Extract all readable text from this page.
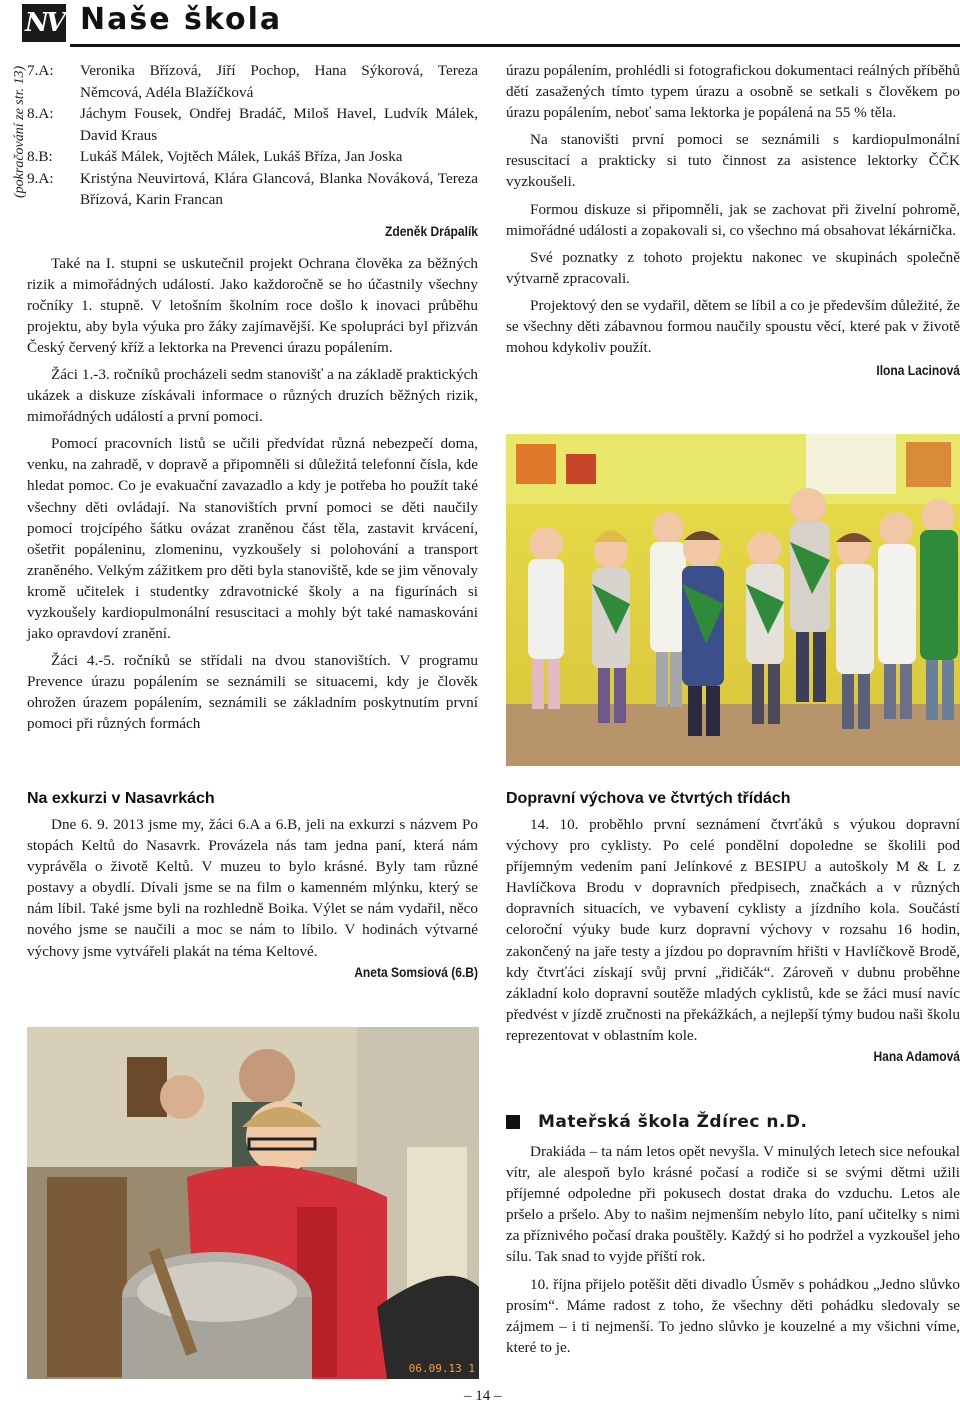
NV Naše škola
(pokračování ze str. 13) 7.A:	Veronika Břízová, Jiří Pochop, Hana Sýkorová, Tereza Němcová, Adéla Blažíčková
8.A:	Jáchym Fousek, Ondřej Bradáč, Miloš Havel, Ludvík Málek, David Kraus
8.B:	Lukáš Málek, Vojtěch Málek, Lukáš Bříza, Jan Joska
9.A:	Kristýna Neuvirtová, Klára Glancová, Blanka Nováková, Tereza Břízová, Karin Francan
Zdeněk Drápalík

Také na I. stupni se uskutečnil projekt Ochrana člověka za běžných rizik a mimořádných událostí. Jako každoročně se ho účastnily všechny ročníky 1. stupně. V letošním školním roce došlo k inovaci průběhu projektu, aby byla výuka pro žáky zajímavější. Ke spolupráci byl přizván Český červený kříž a lektorka na Prevenci úrazu popálením.

Žáci 1.-3. ročníků procházeli sedm stanovišť a na základě praktických ukázek a diskuze získávali informace o různých druzích běžných rizik, mimořádných událostí a první pomoci.

Pomocí pracovních listů se učili předvídat různá nebezpečí doma, venku, na zahradě, v dopravě a připomněli si důležitá telefonní čísla, kde hledat pomoc. Co je evakuační zavazadlo a kdy je potřeba ho použít také všechny děti ovládají. Na stanovištích první pomoci se děti naučily pomocí trojcípého šátku ovázat zraněnou část těla, zastavit krvácení, ošetřit popáleninu, zlomeninu, vyzkoušely si polohování a transport zraněného. Velkým zážitkem pro děti byla stanoviště, kde se jim věnovaly kromě učitelek i studentky zdravotnické školy a na figurínách si vyzkoušely kardiopulmonální resuscitaci a mohly být také namaskováni jako opravdoví zranění.

Žáci 4.-5. ročníků se střídali na dvou stanovištích. V programu Prevence úrazu popálením se seznámili se situacemi, kdy je člověk ohrožen úrazem popálením, seznámili se základním poskytnutím první pomoci při různých formách

úrazu popálením, prohlédli si fotografickou dokumentaci reálných příběhů dětí zasažených tímto typem úrazu a osobně se setkali s člověkem po úrazu popálením, neboť sama lektorka je popálená na 55 % těla.

Na stanovišti první pomoci se seznámili s kardiopulmonální resuscitací a prakticky si tuto činnost za asistence lektorky ČČK vyzkoušeli.

Formou diskuze si připomněli, jak se zachovat při živelní pohromě, mimořádné události a zopakovali si, co všechno má obsahovat lékárnička.

Své poznatky z tohoto projektu nakonec ve skupinách společně výtvarně zpracovali.

Projektový den se vydařil, dětem se líbil a co je především důležité, že se všechny děti zábavnou formou naučily spoustu věcí, které pak v životě mohou kdykoliv použít.

Ilona Lacinová
Na exkurzi v Nasavrkách

Dne 6. 9. 2013 jsme my, žáci 6.A a 6.B, jeli na exkurzi s názvem Po stopách Keltů do Nasavrk. Provázela nás tam jedna paní, která nám vyprávěla o životě Keltů. V muzeu to bylo krásné. Byly tam různé postavy a obydlí. Dívali jsme se na film o kamenném mlýnku, který se nám líbil. Také jsme byli na rozhledně Boika. Výlet se nám vydařil, něco nového jsme se naučili a moc se nám to líbilo. V hodinách výtvarné výchovy jsme vytvářeli plakát na téma Keltové.

Aneta Somsiová (6.B)
06.09.13 1
Dopravní výchova ve čtvrtých třídách

14. 10. proběhlo první seznámení čtvrťáků s výukou dopravní výchovy pro cyklisty. Po celé pondělní dopoledne se školili pod příjemným vedením paní Jelínkové z BESIPU a autoškoly M & L z Havlíčkova Brodu v dopravních předpisech, značkách a v různých dopravních situacích, ve vybavení cyklisty a jízdního kola. Součástí celoroční výuky bude kurz dopravní výchovy v rozsahu 16 hodin, zakončený na jaře testy a jízdou po dopravním hřišti v Havlíčkově Brodě, kdy čtvrťáci získají svůj první „řidičák“. Zároveň v dubnu proběhne základní kolo dopravní soutěže mladých cyklistů, kde se žáci musí navíc předvést v jízdě zručnosti na překážkách, a nejlepší týmy budou naši školu reprezentovat v oblastním kole.

Hana Adamová
Mateřská škola Ždírec n.D.

Drakiáda – ta nám letos opět nevyšla. V minulých letech sice nefoukal vítr, ale alespoň bylo krásné počasí a rodiče si se svými dětmi užili příjemné odpoledne při pokusech dostat draka do vzduchu. Letos ale pršelo a pršelo. Aby to našim nejmenším nebylo líto, paní učitelky s nimi za příznivého počasí draka pouštěly. Každý si ho podržel a vyzkoušel jeho sílu. Tak snad to vyjde příští rok.

10. října přijelo potěšit děti divadlo Úsměv s pohádkou „Jedno slůvko prosím“. Máme radost z toho, že všechny děti pohádku sledovaly se zájmem – i ti nejmenší. To jedno slůvko je kouzelné a my všichni víme, které to je.

– 14 –
